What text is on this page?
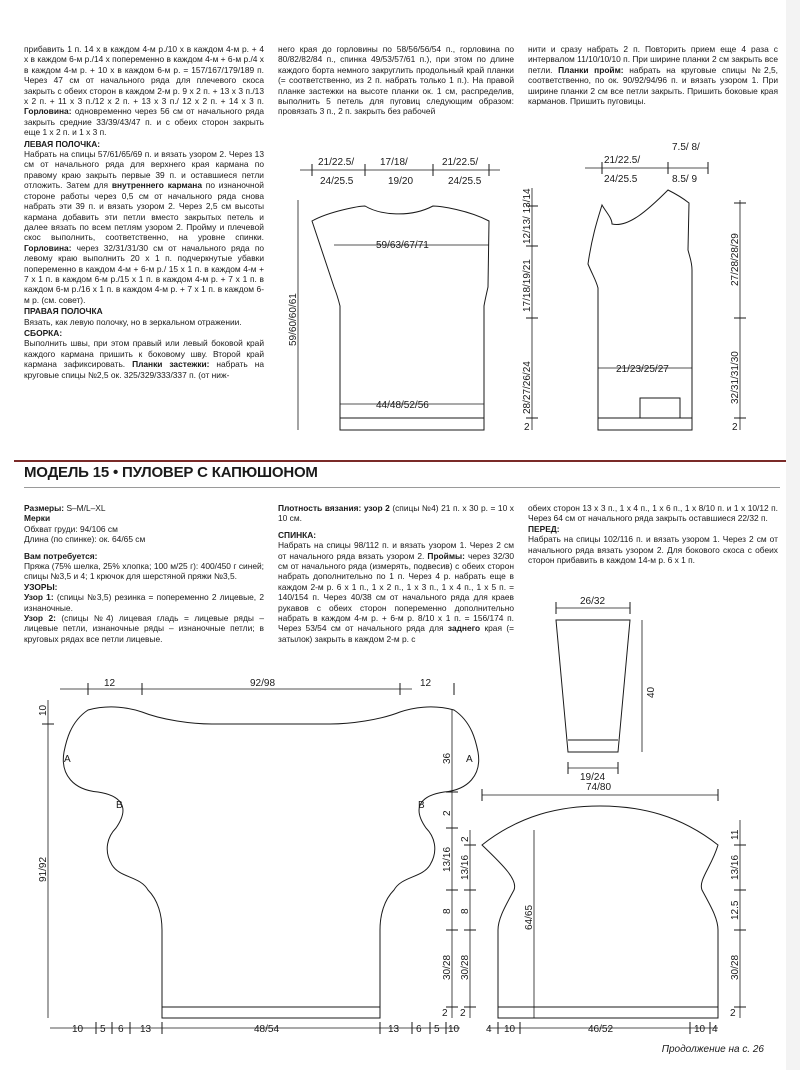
прибавить 1 п. 14 х в каждом 4-м р./10 х в каждом 4-м р. + 4 х в каждом 6-м р./14 х попеременно в каждом 4-м + 6-м р./4 х в каждом 4-м р. + 10 х в каждом 6-м р. = 157/167/179/189 п. Через 47 см от начального ряда для плечевого скоса закрыть с обеих сторон в каждом 2-м р. 9 х 2 п. + 13 х 3 п./13 х 2 п. + 11 х 3 п./12 х 2 п. + 13 х 3 п./ 12 х 2 п. + 14 х 3 п. Горловина: одновременно через 56 см от начального ряда закрыть средние 33/39/43/47 п. и с обеих сторон закрыть еще 1 х 2 п. и 1 х 3 п.

ЛЕВАЯ ПОЛОЧКА:

Набрать на спицы 57/61/65/69 п. и вязать узором 2. Через 13 см от начального ряда для верхнего края кармана по правому краю закрыть первые 39 п. и оставшиеся петли отложить. Затем для внутреннего кармана по изнаночной стороне работы через 0,5 см от начального ряда снова набрать эти 39 п. и вязать узором 2. Через 2,5 см высоты кармана добавить эти петли вместо закрытых петель и далее вязать по всем петлям узором 2. Пройму и плечевой скос выполнить, соответственно, на уровне спинки. Горловина: через 32/31/31/30 см от начального ряда по левому краю выполнить 20 х 1 п. подчеркнутые убавки попеременно в каждом 4-м + 6-м р./ 15 х 1 п. в каждом 4-м + 7 х 1 п. в каждом 6-м р./15 х 1 п. в каждом 4-м р. + 7 х 1 п. в каждом 6-м р./16 х 1 п. в каждом 4-м р. + 7 х 1 п. в каждом 6-м р. (см. совет).

ПРАВАЯ ПОЛОЧКА

Вязать, как левую полочку, но в зеркальном отражении.

СБОРКА:

Выполнить швы, при этом правый или левый боковой край каждого кармана пришить к боковому шву. Второй край кармана зафиксировать. Планки застежки: набрать на круговые спицы №2,5 ок. 325/329/333/337 п. (от ниж-

него края до горловины по 58/56/56/54 п., горловина по 80/82/82/84 п., спинка 49/53/57/61 п.), при этом по длине каждого борта немного закруглить продольный край планки (= соответственно, из 2 п. набрать только 1 п.). На правой планке застежки на высоте планки ок. 1 см, распределив, выполнить 5 петель для пуговиц следующим образом: провязать 3 п., 2 п. закрыть без рабочей

нити и сразу набрать 2 п. Повторить прием еще 4 раза с интервалом 11/10/10/10 п. При ширине планки 2 см закрыть все петли. Планки пройм: набрать на круговые спицы №2,5, соответственно, по ок. 90/92/94/96 п. и вязать узором 1. При ширине планки 2 см все петли закрыть. Пришить боковые края карманов. Пришить пуговицы.

МОДЕЛЬ 15 • ПУЛОВЕР С КАПЮШОНОМ

Размеры: S–M/L–XL

Мерки

Обхват груди: 94/106 см

Длина (по спинке): ок. 64/65 см

Вам потребуется:

Пряжа (75% шелка, 25% хлопка; 100 м/25 г): 400/450 г синей; спицы №3,5 и 4; 1 крючок для шерстяной пряжи №3,5.

УЗОРЫ:

Узор 1: (спицы №3,5) резинка = попеременно 2 лицевые, 2 изнаночные.

Узор 2: (спицы №4) лицевая гладь = лицевые ряды – лицевые петли, изнаночные ряды – изнаночные петли; в круговых рядах все петли лицевые.

Плотность вязания: узор 2 (спицы №4) 21 п. х 30 р. = 10 х 10 см.

СПИНКА:

Набрать на спицы 98/112 п. и вязать узором 1. Через 2 см от начального ряда вязать узором 2. Проймы: через 32/30 см от начального ряда (измерять, подвесив) с обеих сторон набрать дополнительно по 1 п. Через 4 р. набрать еще в каждом 2-м р. 6 х 1 п., 1 х 2 п., 1 х 3 п., 1 х 4 п., 1 х 5 п. = 140/154 п. Через 40/38 см от начального ряда для краев рукавов с обеих сторон попеременно дополнительно набрать в каждом 4-м р. + 6-м р. 8/10 х 1 п. = 156/174 п. Через 53/54 см от начального ряда для заднего края (= затылок) закрыть в каждом 2-м р. с

обеих сторон 13 х 3 п., 1 х 4 п., 1 х 6 п., 1 х 8/10 п. и 1 х 10/12 п. Через 64 см от начального ряда закрыть оставшиеся 22/32 п.

ПЕРЕД:

Набрать на спицы 102/116 п. и вязать узором 1. Через 2 см от начального ряда вязать узором 2. Для бокового скоса с обеих сторон прибавить в каждом 14-м р. 6 х 1 п.

Продолжение на с. 26
21/22.5/	17/18/	21/22.5/
24/25.5	19/20	24/25.5
59/63/67/71
44/48/52/56
59/60/60/61
12/13/ 13/14
17/18/19/21
28/27/26/24
2
21/22.5/
24/25.5
7.5/ 8/
8.5/ 9
21/23/25/27
27/28/28/29
32/31/31/30
2
92/98
12	12
A	A
B	B
91/92
10
36
2
13/16
8
30/28
2
10 5 6 13	48/54	13 6 5 10
26/32
40
19/24
74/80
2
13/16
8
30/28
2
64/65
11
13/16
12.5
30/28
2
4 10	46/52	10 4
